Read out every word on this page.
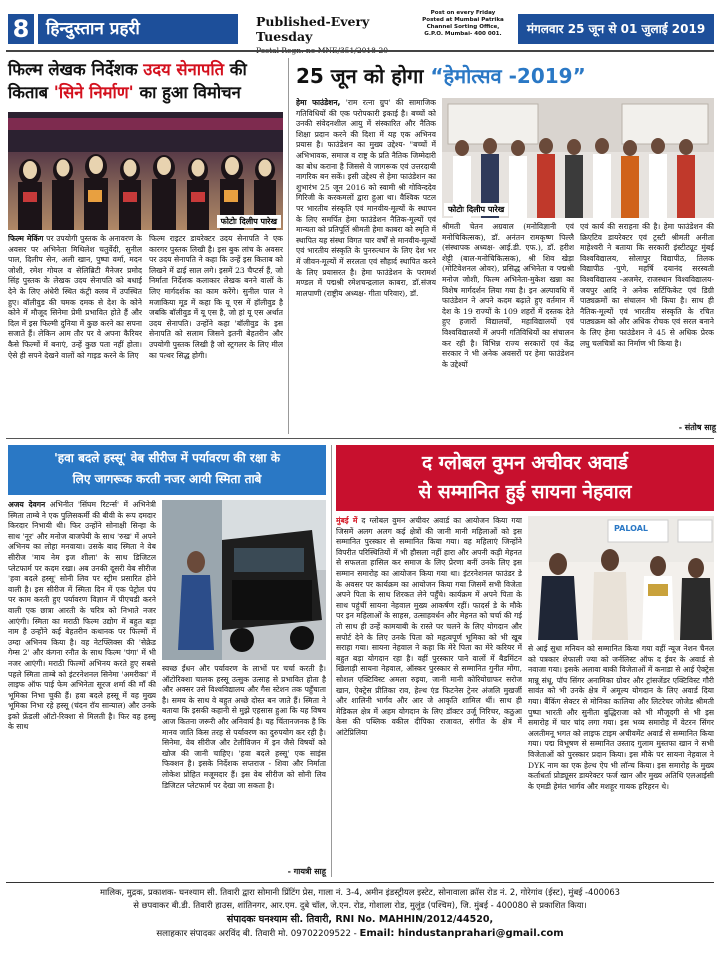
8 हिन्दुस्तान प्रहरी	Published-Every Tuesday
Post on every Friday
Posted at Mumbai Patrika
Channel Sorting Office,
G.P.O. Mumbai- 400 001.	मंगलवार 25 जून से 01 जुलाई 2019
फिल्म लेखक निर्देशक उदय सेनापति की
किताब 'सिने निर्माण' का हुआ विमोचन
फोटोः दिलीप पारेख
फिल्म मेकिंग पर उपयोगी पुस्तक के अनावरण के अवसर पर अभिनेता मिथिलेश चतुर्वेदी, सुनील पाल, दिलीप सेन, अली खान, पुष्पा वर्मा, मदन जोशी, रमेश गोयल व सेलिब्रिटी मैनेजर प्रमोद सिंह पुस्तक के लेखक उदय सेनापति को बधाई देने के लिए अंधेरी स्थित कंट्री क्लब में उपस्थित हुए। बॉलीवुड की चमक दमक से देश के कोने कोने में मौजूद सिनेमा प्रेमी प्रभावित होते हैं और दिल में इस फिल्मी दुनिया में कुछ करने का सपना सजाते हैं। लेकिन आम तौर पर वे अपना कैरियर कैसे फिल्मों में बनाएं, उन्हें कुछ पता नहीं होता। ऐसे ही सपने देखने वालों को गाइड करने के लिए
फिल्म राइटर डायरेक्टर उदय सेनापति ने एक कारगर पुस्तक लिखी है। इस बुक लांच के अवसर पर उदय सेनापति ने कहा कि उन्हें इस किताब को लिखने में ढाई साल लगे। इसमें 23 चैप्टर्स हैं, जो निर्माता निर्देशक कलाकार लेखक बनने वालों के लिए मार्गदर्शक का काम करेंगे। सुनील पाल ने मजाकिया मूड में कहा कि यू एस में हॉलीवुड है जबकि बॉलीवुड में यू एस है, जो हां यू एस अर्थात उदय सेनापति। उन्होंने कहा 'बॉलीवुड के इस सेनापति को सलाम जिसने इतनी बेहतरीन और उपयोगी पुस्तक लिखी है जो स्ट्रगलर के लिए मील का पत्थर सिद्ध होगी।
25 जून को होगा “हेमोत्सव -2019”
हेमा फाउंडेशन, 'राम रत्ना ग्रुप' की सामाजिक गतिविधियों की एक परोपकारी इकाई है। बच्चों को उनकी संवेदनशील आयु में संस्कारित और नैतिक शिक्षा प्रदान करने की दिशा में यह एक अभिनव प्रयास है। फाउंडेशन का मुख्य उद्देश्य- "बच्चों में अभिभावक, समाज व राष्ट्र के प्रति नैतिक जिम्मेदारी का बोध कराना है जिससे वे जागरूक एवं उत्तरदायी नागरिक बन सकें। इसी उद्देश्य से हेमा फाउंडेशन का शुभारंभ 25 जून 2016 को स्वामी श्री गोविन्ददेव गिरिजी के करकमलों द्वारा हुआ था। वैश्विक पटल पर भारतीय संस्कृति एवं मानवीय-मूल्यों के स्थापन के लिए समर्पित हेमा फाउंडेशन नैतिक-मूल्यों एवं मान्यता को प्रतिपूर्ति श्रीमती हेमा काबरा को स्मृति में स्थापित यह संस्था विगत चार वर्षों से मानवीय-मूल्यों एवं भारतीय संस्कृति के पुनरुत्थान के लिए देश भर में जीवन-मूल्यों में सरलता एवं सौहार्द स्थापित करने के लिए प्रयासरत है। हेमा फाउंडेशन के परामर्श मण्डल में पद्मश्री रमेशचन्द्रलाल काबरा, डॉ.संजय मालपाणी (राष्ट्रीय अध्यक्ष- गीता परिवार), डॉ.
फोटोः दिलीप पारेख
श्रीमती चेतन अग्रवाल (मनोविज्ञानी एवं मनोचिकित्सक), डॉ. अनंतन रामकृष्ण पिल्लै (संस्थापक अध्यक्ष- आई.डी. एफ.), डॉ. हरीश शेट्टी (बाल-मनोचिकित्सक), श्री शिव खेड़ा (मोटिवेशनल ओवर), प्रसिद्ध अभिनेता व पद्मश्री मनोज जोशी, फिल्म अभिनेता-मुकेश खन्ना का विशेष मार्गदर्शन लिया गया है। इन अल्पावधि में फाउंडेशन ने अपने कदम बढ़ाते हुए वर्तमान में देश के 19 राज्यों के 109 शहरों में दस्तक देते हुए हजारों विद्यालयों, महाविद्यालयों एवं विश्वविद्यालयों में अपनी गतिविधियों का संचालन कर रही है। विभिन्न राज्य सरकारों एवं केंद्र सरकार ने भी अनेक अवसरों पर हेमा फाउंडेशन के उद्देश्यों
एवं कार्य की सराहना की है। हेमा फाउंडेशन की क्रिएटिव डायरेक्टर एवं ट्रस्टी श्रीमती अनीता माहेश्वरी ने बताया कि सरकारी इंस्टीट्यूट मुंबई विश्वविद्यालय, सोलापुर विद्यापीठ, तिलक विद्यापीठ -पुणे, महर्षि दयानंद सरस्वती विश्वविद्यालय -अजमेर, राजस्थान विश्वविद्यालय- जयपुर आदि ने अनेक सर्टिफिकेट एवं डिग्री पाठ्यक्रमों का संचालन भी किया है। साथ ही नैतिक-मूल्यों एवं भारतीय संस्कृति के रचित पाठ्यक्रम को और अधिक रोचक एवं सरल बनाने के लिए हेमा फाउंडेशन ने 45 से अधिक प्रेरक लघु चलचित्रों का निर्माण भी किया है।
- संतोष साहू
'हवा बदले हस्सू' वेब सीरीज में पर्यावरण की रक्षा के
लिए जागरूक करती नजर आयी स्मिता ताबे
अजय देवगन अभिनीत 'सिंघम रिटर्न्स' में अभिनेत्री स्मिता ताम्बे ने एक पुलिसकर्मी की बीवी के रूप दमदार किरदार निभायी थी। फिर उन्होंने सोनाक्षी सिन्हा के साथ 'नूर' और मनोज बाजपेयी के साथ 'रुख' में अपने अभिनय का लोहा मनवाया। उसके बाद स्मिता ने वेब सीरीज 'माय नेम इज शीला' के साथ डिजिटल प्लेटफार्म पर कदम रखा। अब उनकी दूसरी वेब सीरीज 'हवा बदले हस्सू' सोनी लिव पर स्ट्रीम प्रसारित होने वाली है। इस सीरीज में स्मिता दिन में एक पेट्रोल पंप पर काम करती हुए पर्यावरण विज्ञान में पीएचडी करने वाली एक छात्रा आरती के चरित्र को निभाते नजर आएंगी। स्मिता का मराठी फिल्म उद्योग में बहुत बड़ा नाम है उन्होंने कई बेहतरीन कथानक पर फिल्मों में उम्दा अभिनय किया है। वह नेटफ्लिक्स की 'सेक्रेड गेम्स 2' और कंगना रनौत के साथ फिल्म 'पंगा' में भी नजर आएंगी। मराठी फिल्मों अभिनय करते हुए सबसे पहले स्मिता ताम्बे को इंटरनेशनल सिनेमा 'अमरीका' में लाइफ ऑफ पाई फेम अभिनेता सूरज शर्मा की माँ की भूमिका निभा चुकी हैं। हवा बदले हस्सू में वह मुख्य भूमिका निभा रहे हस्सू (चंदन रॉय सान्याल) और उनके इको फ्रेंडली ऑटो-रिक्शा से मिलती है। फिर वह हस्सू के साथ
स्वच्छ ईंधन और पर्यावरण के लाभों पर चर्चा करती है। ऑटोरिक्शा चालक हस्सू उत्सुक उत्साह से प्रभावित होता है और अक्सर उसे विश्वविद्यालय और गैस स्टेशन तक पहुँचाता है। समय के साथ वे बहुत अच्छे दोस्त बन जाते हैं। स्मिता ने बताया कि इसकी कहानी से मुझे एहसास हुआ कि यह विषय आज कितना जरूरी और अनिवार्य है। यह चिंतानजनक है कि मानव जाति किस तरह से पर्यावरण का दुरुपयोग कर रही है। सिनेमा, वेब सीरीज और टेलीविजन में इन जैसे विषयों को खोज की जानी चाहिए। 'हवा बदले हस्सू' एक साइंस फिक्शन है। इसके निर्देशक सप्तराज - शिवा और निर्माता लोकेश प्रोहित मजूमदार हैं। इस वेब सीरीज को सोनी लिव डिजिटल प्लेटफार्म पर देखा जा सकता है।
- गायत्री साहू
द ग्लोबल वुमन अचीवर अवार्ड
से सम्मानित हुई सायना नेहवाल
मुंबई में द ग्लोबल वुमन अचीवर अवार्ड का आयोजन किया गया जिसमें अलग अलग कई क्षेत्रों की जानी मानी महिलाओं को इस सम्मानित पुरस्कार से सम्मानित किया गया। वह महिलाएं जिन्होंने विपरीत परिस्थितियों में भी हौसला नहीं हारा और अपनी कड़ी मेहनत से सफलता हासिल कर समाज के लिए प्रेरणा बनीं उनके लिए इस सम्मान समारोह का आयोजन किया गया था। इंटरनेशनल फाउंडर डे के अवसर पर कार्यक्रम का आयोजन किया गया जिसमें सभी विजेता अपने पिता के साथ शिरकत लेने पहुँचे। कार्यक्रम में अपने पिता के साथ पहुंचीं सायना नेहवाल मुख्य आकर्षण रहीं। फादर्स डे के मौके पर इन महिलाओं के साहस, उत्साहवर्धन और मेहनत को चर्चा की गई तो साथ ही उन्हें कामयाबी के रास्ते पर चलने के लिए योगदान और सपोर्ट देने के लिए उनके पिता को महत्वपूर्ण भूमिका को भी खूब सराहा गया। सायना नेहवाल ने कहा कि मेरे पिता का मेरे करियर में बहुत बड़ा योगदान रहा है। वहीं पुरस्कार पाने वालों में बैडमिंटन खिलाड़ी सायना नेहवाल, ऑस्कर पुरस्कार से सम्मानित गुनीत मोंगा, सोशल एक्टिविस्ट अमला रुइया, जानी मानी कोरियोग्राफर सरोज खान, ऐक्ट्रेस प्रीतिका राव, हेल्थ एंड फिटनेस ट्रेनर अंजलि मुखर्जी और शालिनी भार्गव और आर जे आकृति शामिल थीं। साथ ही मेडिकल क्षेत्र में अहम योगदान के लिए डॉक्टर उर्जू निरिचर, कठुआ केस की पब्लिक वकील दीपिका राजावत, संगीत के क्षेत्र में आंटेप्रिलिया
PALOAL
से आई सुधा मनियन को सम्मानित किया गया वहीं न्यूज नेशन चैनल को पत्रकार शेफाली ज्या को जर्नलिस्ट ऑफ द ईयर के अवार्ड से नवाजा गया। इसके अलावा बाकी विजेताओं में कनाडा से आई ऐक्ट्रेस मान्नू संधू, पॉप सिंगर अनामिका ग्रोवर और ट्रांसजेंडर एक्टिविस्ट गौरी सावंत को भी उनके क्षेत्र में अमूल्य योगदान के लिए अवार्ड दिया गया। बैंकिंग सेक्टर से मोनिका कालिया और लिटरेचर जोजेड श्रीमती पुष्पा भारती और सुनीता बुद्धिराजा को भी मौजूदगी से भी इस समारोह में चार चांद लगा गया। इस भव्य समारोह में वेटरन सिंगर अलतीमनू भगत को लाइफ टाइम अचीवमेंट अवार्ड से सम्मानित किया गया। पद्म विभूषण से सम्मानित उस्ताद गुलाम मुस्तफा खान ने सभी विजेताओं को पुरस्कार प्रदान किया। इस मौके पर सायना नेहवाल ने DYK नाम का एक हेल्थ ऐप भी लॉन्च किया। इस समारोह के मुख्य कर्ताधर्ता प्रोड्यूसर डायरेक्टर फर्ज खान और मुख्य अतिथि एलआईसी के एमडी हेमंत भार्गव और मशहूर गायक हरिहरन थे।
मालिक, मुद्रक, प्रकाशक- घनश्याम सी. तिवारी द्वारा सोमानी प्रिंटिंग प्रेस, गाला नं. 3-4, अमीन इंडस्ट्रीयल इस्टेट, सोनावाला क्रॉस रोड नं. 2, गोरेगांव (ईस्ट), मुंबई -400063
से छपवाकर बी.डी. तिवारी हाउस, शांतिनगर, आर.एम. दुबे चॉल, जे.एन. रोड, गोशाला रोड, मुलुंड (पश्चिम), जि. मुंबई - 400080 से प्रकाशित किया।
संपादकः घनश्याम सी. तिवारी, RNI No. MAHHIN/2012/44520,
सलाहकार संपादकः अरविंद बी. तिवारी मो. 09702209522 - Email: hindustanprahari@gmail.com
